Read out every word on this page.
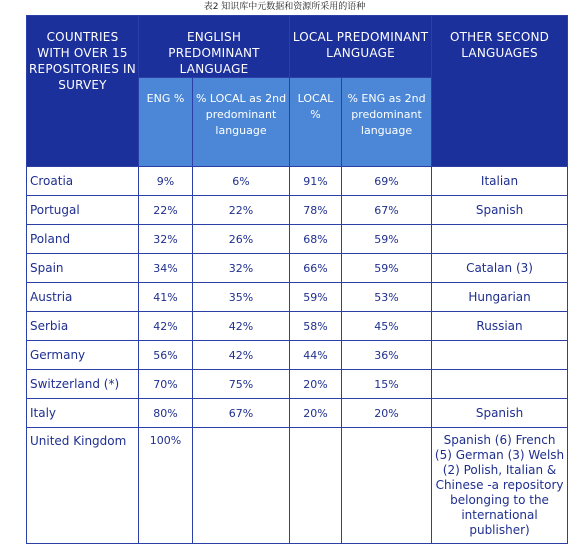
表2 知识库中元数据和资源所采用的语种
COUNTRIES WITH OVER 15 REPOSITORIES IN SURVEY	ENGLISH PREDOMINANT LANGUAGE		LOCAL PREDOMINANT LANGUAGE		OTHER SECOND LANGUAGES
	ENG %	% LOCAL as 2nd predominant language	LOCAL %	% ENG as 2nd predominant language	
Croatia	9%	6%	91%	69%	Italian
Portugal	22%	22%	78%	67%	Spanish
Poland	32%	26%	68%	59%	
Spain	34%	32%	66%	59%	Catalan (3)
Austria	41%	35%	59%	53%	Hungarian
Serbia	42%	42%	58%	45%	Russian
Germany	56%	42%	44%	36%	
Switzerland (*)	70%	75%	20%	15%	
Italy	80%	67%	20%	20%	Spanish
United Kingdom	100%				Spanish (6) French (5) German (3) Welsh (2) Polish, Italian & Chinese -a repository belonging to the international publisher)
